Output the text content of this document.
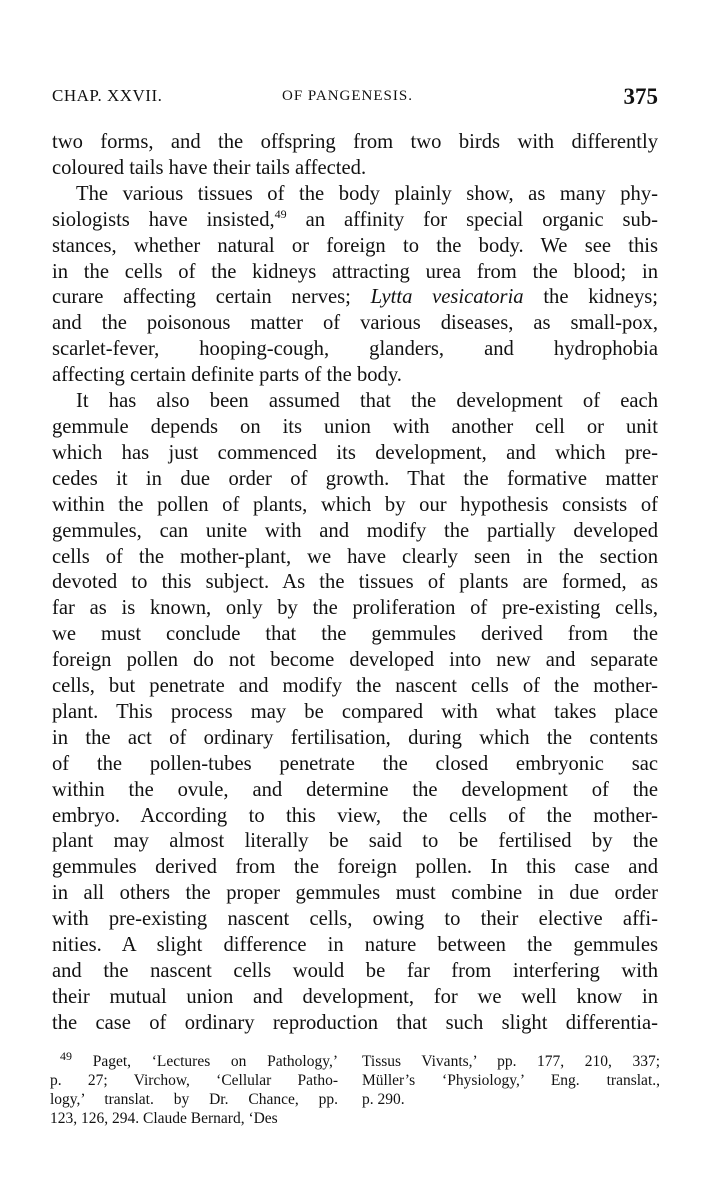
CHAP. XXVII.	OF PANGENESIS.	375
two forms, and the offspring from two birds with differently
coloured tails have their tails affected.
The various tissues of the body plainly show, as many phy-
siologists have insisted,$^{49}$ an affinity for special organic sub-
stances, whether natural or foreign to the body. We see this
in the cells of the kidneys attracting urea from the blood; in
curare affecting certain nerves; Lytta vesicatoria the kidneys;
and the poisonous matter of various diseases, as small-pox,
scarlet-fever, hooping-cough, glanders, and hydrophobia
affecting certain definite parts of the body.
It has also been assumed that the development of each
gemmule depends on its union with another cell or unit
which has just commenced its development, and which pre-
cedes it in due order of growth. That the formative matter
within the pollen of plants, which by our hypothesis consists of
gemmules, can unite with and modify the partially developed
cells of the mother-plant, we have clearly seen in the section
devoted to this subject. As the tissues of plants are formed, as
far as is known, only by the proliferation of pre-existing cells,
we must conclude that the gemmules derived from the
foreign pollen do not become developed into new and separate
cells, but penetrate and modify the nascent cells of the mother-
plant. This process may be compared with what takes place
in the act of ordinary fertilisation, during which the contents
of the pollen-tubes penetrate the closed embryonic sac
within the ovule, and determine the development of the
embryo. According to this view, the cells of the mother-
plant may almost literally be said to be fertilised by the
gemmules derived from the foreign pollen. In this case and
in all others the proper gemmules must combine in due order
with pre-existing nascent cells, owing to their elective affi-
nities. A slight difference in nature between the gemmules
and the nascent cells would be far from interfering with
their mutual union and development, for we well know in
the case of ordinary reproduction that such slight differentia-
$^{49}$ Paget, ‘Lectures on Pathology,’
p. 27; Virchow, ‘Cellular Patho-
logy,’ translat. by Dr. Chance, pp.
123, 126, 294. Claude Bernard, ‘Des
Tissus Vivants,’ pp. 177, 210, 337;
Müller’s ‘Physiology,’ Eng. translat.,
p. 290.
